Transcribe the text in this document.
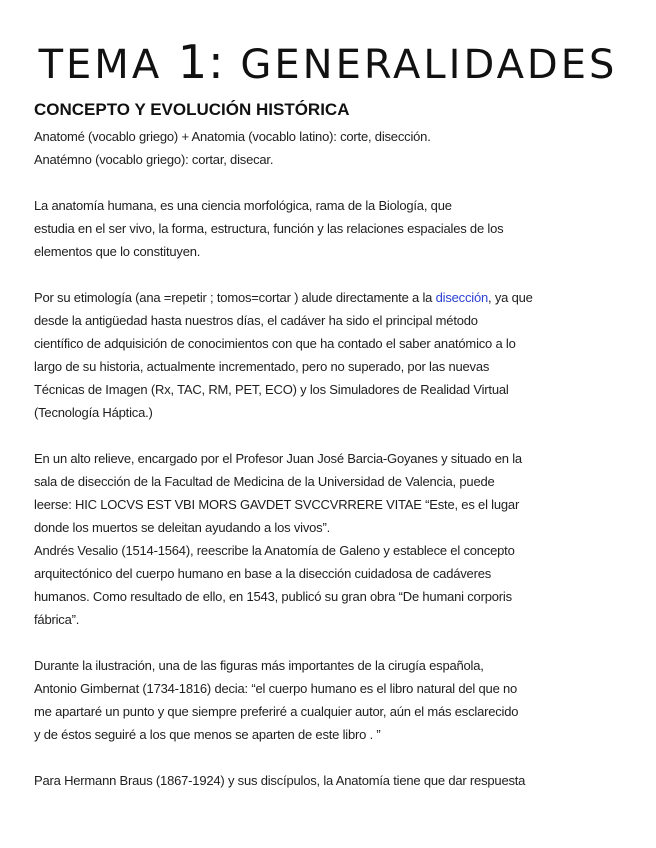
TEMA 1: GENERALIDADES
CONCEPTO Y EVOLUCIÓN HISTÓRICA
Anatomé (vocablo griego) + Anatomia (vocablo latino): corte, disección.
Anatémno (vocablo griego): cortar, disecar.
La anatomía humana, es una ciencia morfológica, rama de la Biología, que
estudia en el ser vivo, la forma, estructura, función y las relaciones espaciales de los
elementos que lo constituyen.
Por su etimología (ana =repetir ; tomos=cortar ) alude directamente a la disección, ya que
desde la antigüedad hasta nuestros días, el cadáver ha sido el principal método
científico de adquisición de conocimientos con que ha contado el saber anatómico a lo
largo de su historia, actualmente incrementado, pero no superado, por las nuevas
Técnicas de Imagen (Rx, TAC, RM, PET, ECO) y los Simuladores de Realidad Virtual
(Tecnología Háptica.)
En un alto relieve, encargado por el Profesor Juan José Barcia-Goyanes y situado en la
sala de disección de la Facultad de Medicina de la Universidad de Valencia, puede
leerse: HIC LOCVS EST VBI MORS GAVDET SVCCVRRERE VITAE “Este, es el lugar
donde los muertos se deleitan ayudando a los vivos”.
Andrés Vesalio (1514-1564), reescribe la Anatomía de Galeno y establece el concepto
arquitectónico del cuerpo humano en base a la disección cuidadosa de cadáveres
humanos. Como resultado de ello, en 1543, publicó su gran obra “De humani corporis
fábrica”.
Durante la ilustración, una de las figuras más importantes de la cirugía española,
Antonio Gimbernat (1734-1816) decia: “el cuerpo humano es el libro natural del que no
me apartaré un punto y que siempre preferiré a cualquier autor, aún el más esclarecido
y de éstos seguiré a los que menos se aparten de este libro . ”
Para Hermann Braus (1867-1924) y sus discípulos, la Anatomía tiene que dar respuesta
